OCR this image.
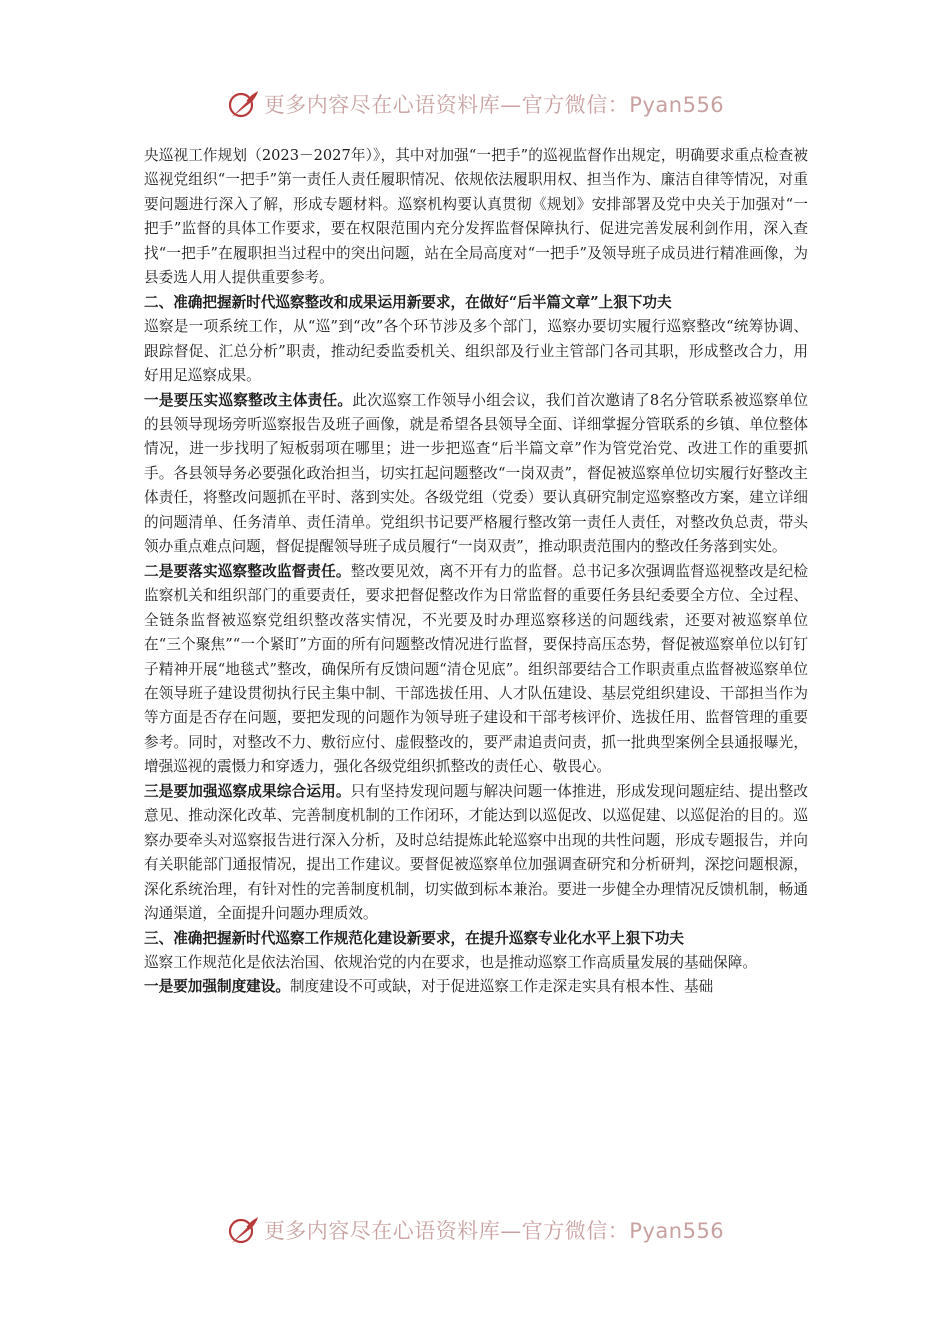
更多内容尽在心语资料库—官方微信：Pyan556

央巡视工作规划（2023－2027年）》，其中对加强“一把手”的巡视监督作出规定，明确要求重点检查被巡视党组织“一把手”第一责任人责任履职情况、依规依法履职用权、担当作为、廉洁自律等情况，对重要问题进行深入了解，形成专题材料。巡察机构要认真贯彻《规划》安排部署及党中央关于加强对“一把手”监督的具体工作要求，要在权限范围内充分发挥监督保障执行、促进完善发展利剑作用，深入查找“一把手”在履职担当过程中的突出问题，站在全局高度对“一把手”及领导班子成员进行精准画像，为县委选人用人提供重要参考。

二、准确把握新时代巡察整改和成果运用新要求，在做好“后半篇文章”上狠下功夫

巡察是一项系统工作，从“巡”到“改”各个环节涉及多个部门，巡察办要切实履行巡察整改“统筹协调、跟踪督促、汇总分析”职责，推动纪委监委机关、组织部及行业主管部门各司其职，形成整改合力，用好用足巡察成果。

一是要压实巡察整改主体责任。此次巡察工作领导小组会议，我们首次邀请了8名分管联系被巡察单位的县领导现场旁听巡察报告及班子画像，就是希望各县领导全面、详细掌握分管联系的乡镇、单位整体情况，进一步找明了短板弱项在哪里；进一步把巡查“后半篇文章”作为管党治党、改进工作的重要抓手。各县领导务必要强化政治担当，切实扛起问题整改“一岗双责”，督促被巡察单位切实履行好整改主体责任，将整改问题抓在平时、落到实处。各级党组（党委）要认真研究制定巡察整改方案，建立详细的问题清单、任务清单、责任清单。党组织书记要严格履行整改第一责任人责任，对整改负总责，带头领办重点难点问题，督促提醒领导班子成员履行“一岗双责”，推动职责范围内的整改任务落到实处。

二是要落实巡察整改监督责任。整改要见效，离不开有力的监督。总书记多次强调监督巡视整改是纪检监察机关和组织部门的重要责任，要求把督促整改作为日常监督的重要任务县纪委要全方位、全过程、全链条监督被巡察党组织整改落实情况，不光要及时办理巡察移送的问题线索，还要对被巡察单位在“三个聚焦”“一个紧盯”方面的所有问题整改情况进行监督，要保持高压态势，督促被巡察单位以钉钉子精神开展“地毯式”整改，确保所有反馈问题“清仓见底”。组织部要结合工作职责重点监督被巡察单位在领导班子建设贯彻执行民主集中制、干部选拔任用、人才队伍建设、基层党组织建设、干部担当作为等方面是否存在问题，要把发现的问题作为领导班子建设和干部考核评价、选拔任用、监督管理的重要参考。同时，对整改不力、敷衍应付、虚假整改的，要严肃追责问责，抓一批典型案例全县通报曝光，增强巡视的震慑力和穿透力，强化各级党组织抓整改的责任心、敬畏心。

三是要加强巡察成果综合运用。只有坚持发现问题与解决问题一体推进，形成发现问题症结、提出整改意见、推动深化改革、完善制度机制的工作闭环，才能达到以巡促改、以巡促建、以巡促治的目的。巡察办要牵头对巡察报告进行深入分析，及时总结提炼此轮巡察中出现的共性问题，形成专题报告，并向有关职能部门通报情况，提出工作建议。要督促被巡察单位加强调查研究和分析研判，深挖问题根源，深化系统治理，有针对性的完善制度机制，切实做到标本兼治。要进一步健全办理情况反馈机制，畅通沟通渠道，全面提升问题办理质效。

三、准确把握新时代巡察工作规范化建设新要求，在提升巡察专业化水平上狠下功夫

巡察工作规范化是依法治国、依规治党的内在要求，也是推动巡察工作高质量发展的基础保障。

一是要加强制度建设。制度建设不可或缺，对于促进巡察工作走深走实具有根本性、基础

更多内容尽在心语资料库—官方微信：Pyan556
